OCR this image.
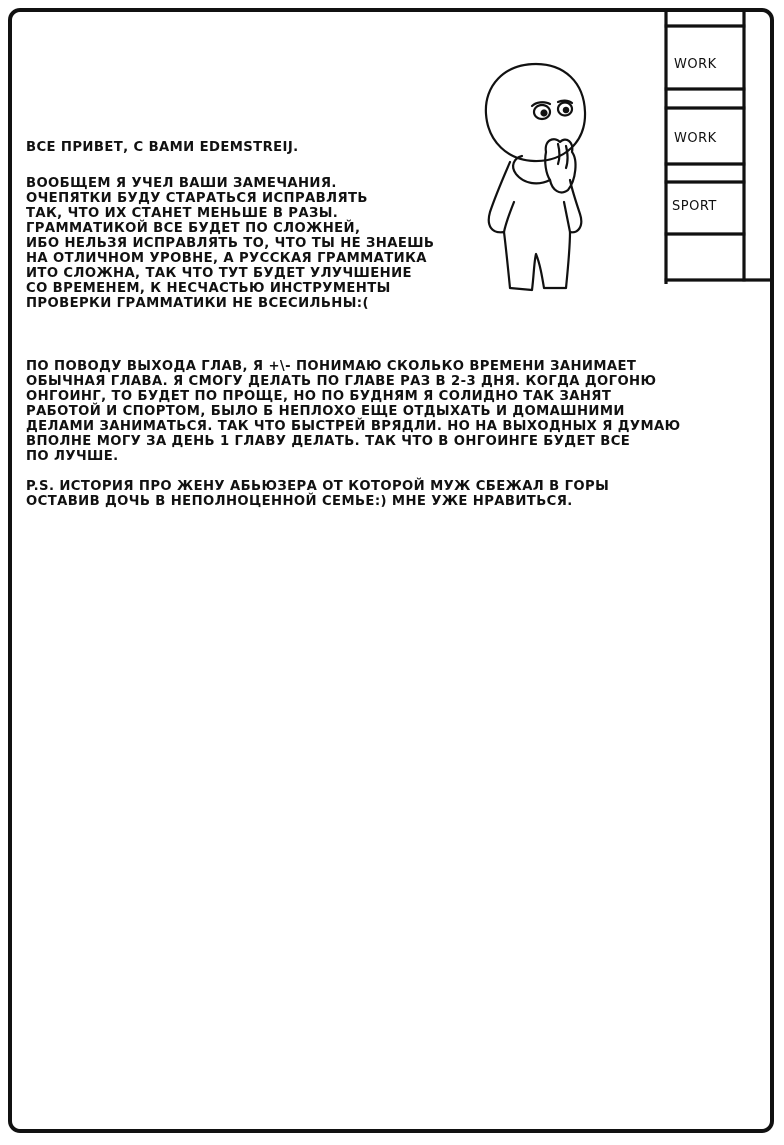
ВСЕ ПРИВЕТ, С ВАМИ EDEMSTREIJ.

ВООБЩЕМ Я УЧЕЛ ВАШИ ЗАМЕЧАНИЯ.
ОЧЕПЯТКИ БУДУ СТАРАТЬСЯ ИСПРАВЛЯТЬ
ТАК, ЧТО ИХ СТАНЕТ МЕНЬШЕ В РАЗЫ.
ГРАММАТИКОЙ ВСЕ БУДЕТ ПО СЛОЖНЕЙ,
ИБО НЕЛЬЗЯ ИСПРАВЛЯТЬ ТО, ЧТО ТЫ НЕ ЗНАЕШЬ
НА ОТЛИЧНОМ УРОВНЕ, А РУССКАЯ ГРАММАТИКА
ИТО СЛОЖНА, ТАК ЧТО ТУТ БУДЕТ УЛУЧШЕНИЕ
СО ВРЕМЕНЕМ, К НЕСЧАСТЬЮ ИНСТРУМЕНТЫ
ПРОВЕРКИ ГРАММАТИКИ НЕ ВСЕСИЛЬНЫ:(

ПО ПОВОДУ ВЫХОДА ГЛАВ, Я +\- ПОНИМАЮ СКОЛЬКО ВРЕМЕНИ ЗАНИМАЕТ
ОБЫЧНАЯ ГЛАВА. Я СМОГУ ДЕЛАТЬ ПО ГЛАВЕ РАЗ В 2-3 ДНЯ. КОГДА ДОГОНЮ
ОНГОИНГ, ТО БУДЕТ ПО ПРОЩЕ, НО ПО БУДНЯМ Я СОЛИДНО ТАК ЗАНЯТ
РАБОТОЙ И СПОРТОМ, БЫЛО Б НЕПЛОХО ЕЩЕ ОТДЫХАТЬ И ДОМАШНИМИ
ДЕЛАМИ ЗАНИМАТЬСЯ. ТАК ЧТО БЫСТРЕЙ ВРЯДЛИ. НО НА ВЫХОДНЫХ Я ДУМАЮ
ВПОЛНЕ МОГУ ЗА ДЕНЬ 1 ГЛАВУ ДЕЛАТЬ. ТАК ЧТО В ОНГОИНГЕ БУДЕТ ВСЕ
ПО ЛУЧШЕ.

P.S. ИСТОРИЯ ПРО ЖЕНУ АБЬЮЗЕРА ОТ КОТОРОЙ МУЖ СБЕЖАЛ В ГОРЫ
ОСТАВИВ ДОЧЬ В НЕПОЛНОЦЕННОЙ СЕМЬЕ:) МНЕ УЖЕ НРАВИТЬСЯ.

WORK
WORK
SPORT
